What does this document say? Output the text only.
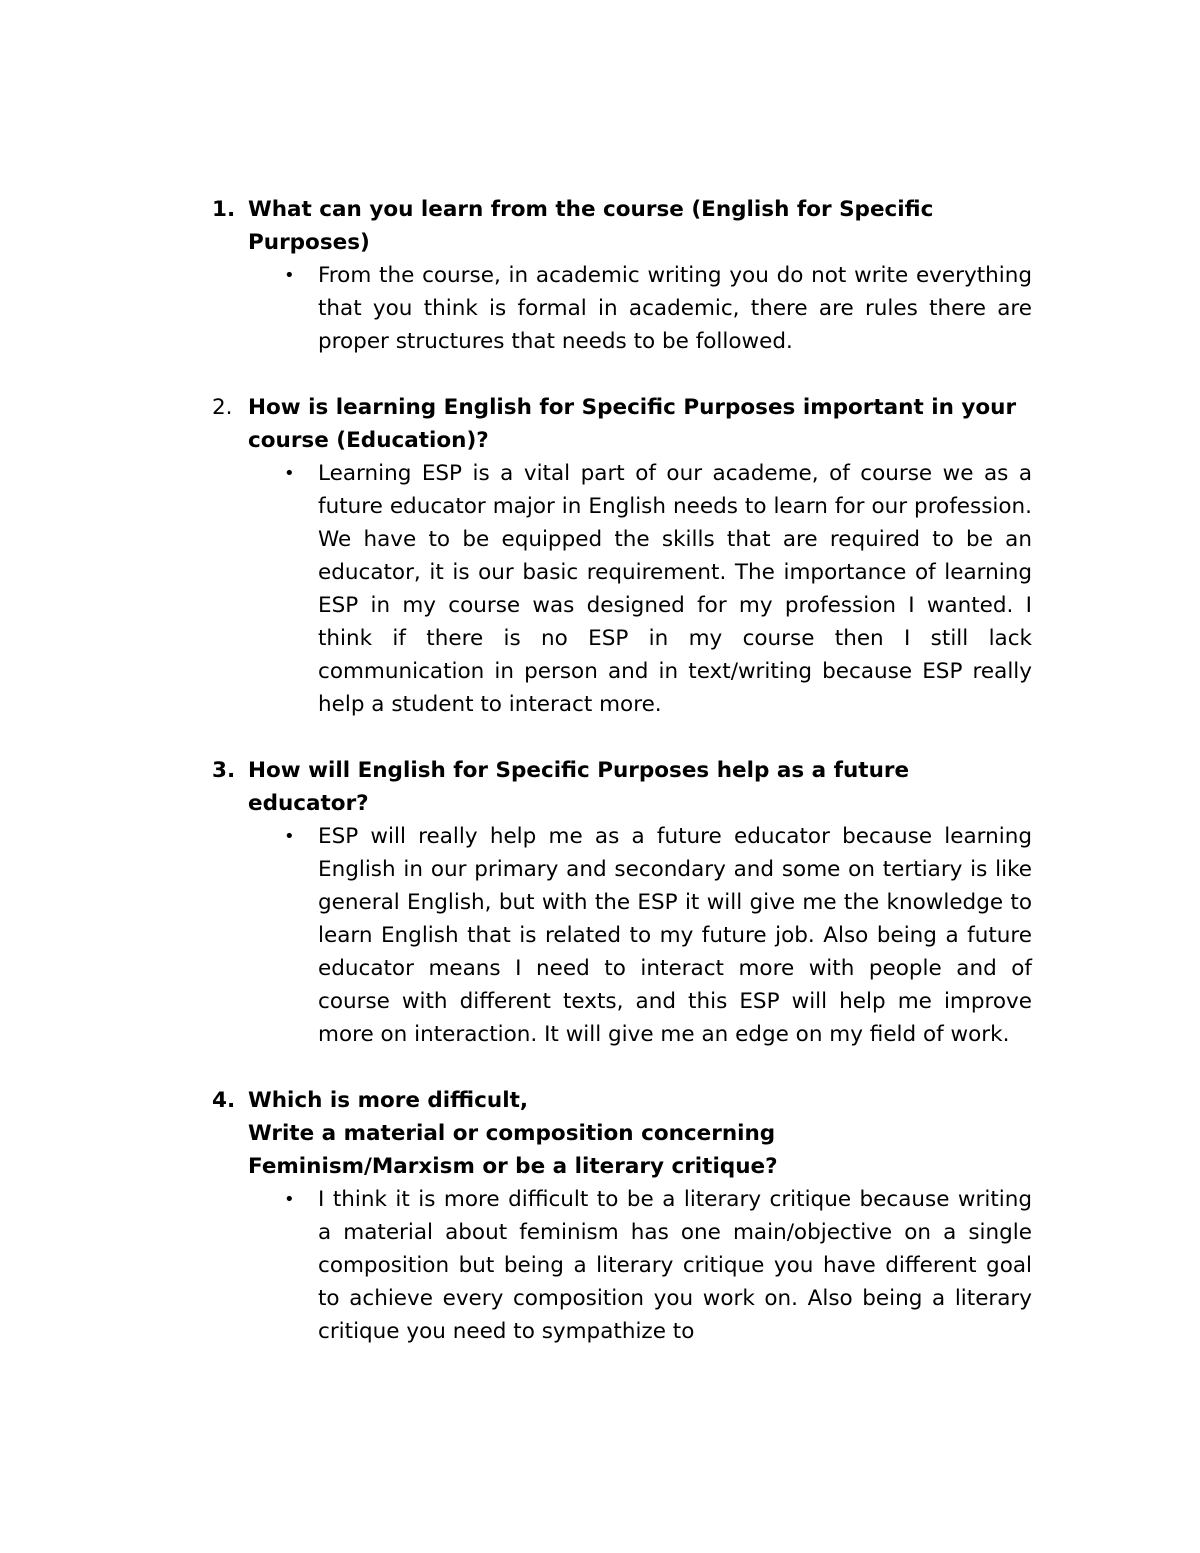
1. What can you learn from the course (English for Specific Purposes)
• From the course, in academic writing you do not write everything that you think is formal in academic, there are rules there are proper structures that needs to be followed.
2. How is learning English for Specific Purposes important in your course (Education)?
• Learning ESP is a vital part of our academe, of course we as a future educator major in English needs to learn for our profession. We have to be equipped the skills that are required to be an educator, it is our basic requirement. The importance of learning ESP in my course was designed for my profession I wanted. I think if there is no ESP in my course then I still lack communication in person and in text/writing because ESP really help a student to interact more.
3. How will English for Specific Purposes help as a future educator?
• ESP will really help me as a future educator because learning English in our primary and secondary and some on tertiary is like general English, but with the ESP it will give me the knowledge to learn English that is related to my future job. Also being a future educator means I need to interact more with people and of course with different texts, and this ESP will help me improve more on interaction. It will give me an edge on my field of work.
4. Which is more difficult,
Write a material or composition concerning
Feminism/Marxism or be a literary critique?
• I think it is more difficult to be a literary critique because writing a material about feminism has one main/objective on a single composition but being a literary critique you have different goal to achieve every composition you work on. Also being a literary critique you need to sympathize to
